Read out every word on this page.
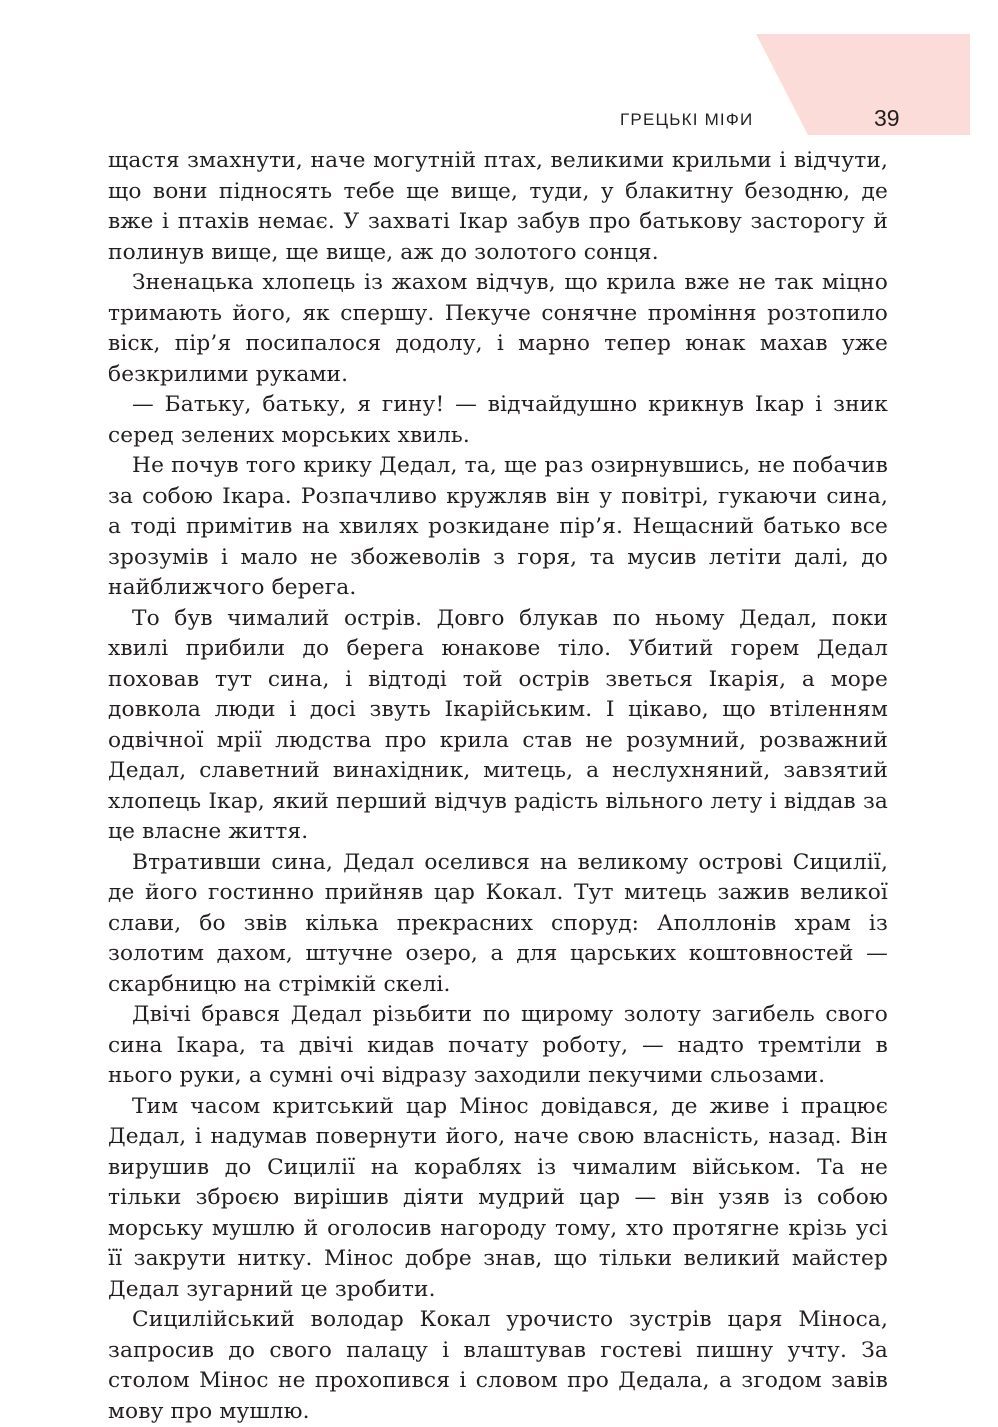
ГРЕЦЬКІ МІФИ	39

щастя змахнути, наче могутній птах, великими крильми і відчути, що вони підносять тебе ще вище, туди, у блакитну безодню, де вже і птахів немає. У захваті Ікар забув про батькову засторогу й полинув вище, ще вище, аж до золотого сонця.

Зненацька хлопець із жахом відчув, що крила вже не так міцно тримають його, як спершу. Пекуче сонячне проміння розтопило віск, пір’я посипалося додолу, і марно тепер юнак махав уже безкрилими руками.

— Батьку, батьку, я гину! — відчайдушно крикнув Ікар і зник серед зелених морських хвиль.

Не почув того крику Дедал, та, ще раз озирнувшись, не побачив за собою Ікара. Розпачливо кружляв він у повітрі, гукаючи сина, а тоді примітив на хвилях розкидане пір’я. Нещасний батько все зрозумів і мало не збожеволів з горя, та мусив летіти далі, до найближчого берега.

То був чималий острів. Довго блукав по ньому Дедал, поки хвилі прибили до берега юнакове тіло. Убитий горем Дедал поховав тут сина, і відтоді той острів зветься Ікарія, а море довкола люди і досі звуть Ікарійським. І цікаво, що втіленням одвічної мрії людства про крила став не розумний, розважний Дедал, славетний винахідник, митець, а неслухняний, завзятий хлопець Ікар, який перший відчув радість вільного лету і віддав за це власне життя.

Втративши сина, Дедал оселився на великому острові Сицилії, де його гостинно прийняв цар Кокал. Тут митець зажив великої слави, бо звів кілька прекрасних споруд: Аполлонів храм із золотим дахом, штучне озеро, а для царських коштовностей — скарбницю на стрімкій скелі.

Двічі брався Дедал різьбити по щирому золоту загибель свого сина Ікара, та двічі кидав почату роботу, — надто тремтіли в нього руки, а сумні очі відразу заходили пекучими сльозами.

Тим часом критський цар Мінос довідався, де живе і працює Дедал, і надумав повернути його, наче свою власність, назад. Він вирушив до Сицилії на кораблях із чималим військом. Та не тільки зброєю вирішив діяти мудрий цар — він узяв із собою морську мушлю й оголосив нагороду тому, хто протягне крізь усі її закрути нитку. Мінос добре знав, що тільки великий майстер Дедал зугарний це зробити.

Сицилійський володар Кокал урочисто зустрів царя Міноса, запросив до свого палацу і влаштував гостеві пишну учту. За столом Мінос не прохопився і словом про Дедала, а згодом завів мову про мушлю.
